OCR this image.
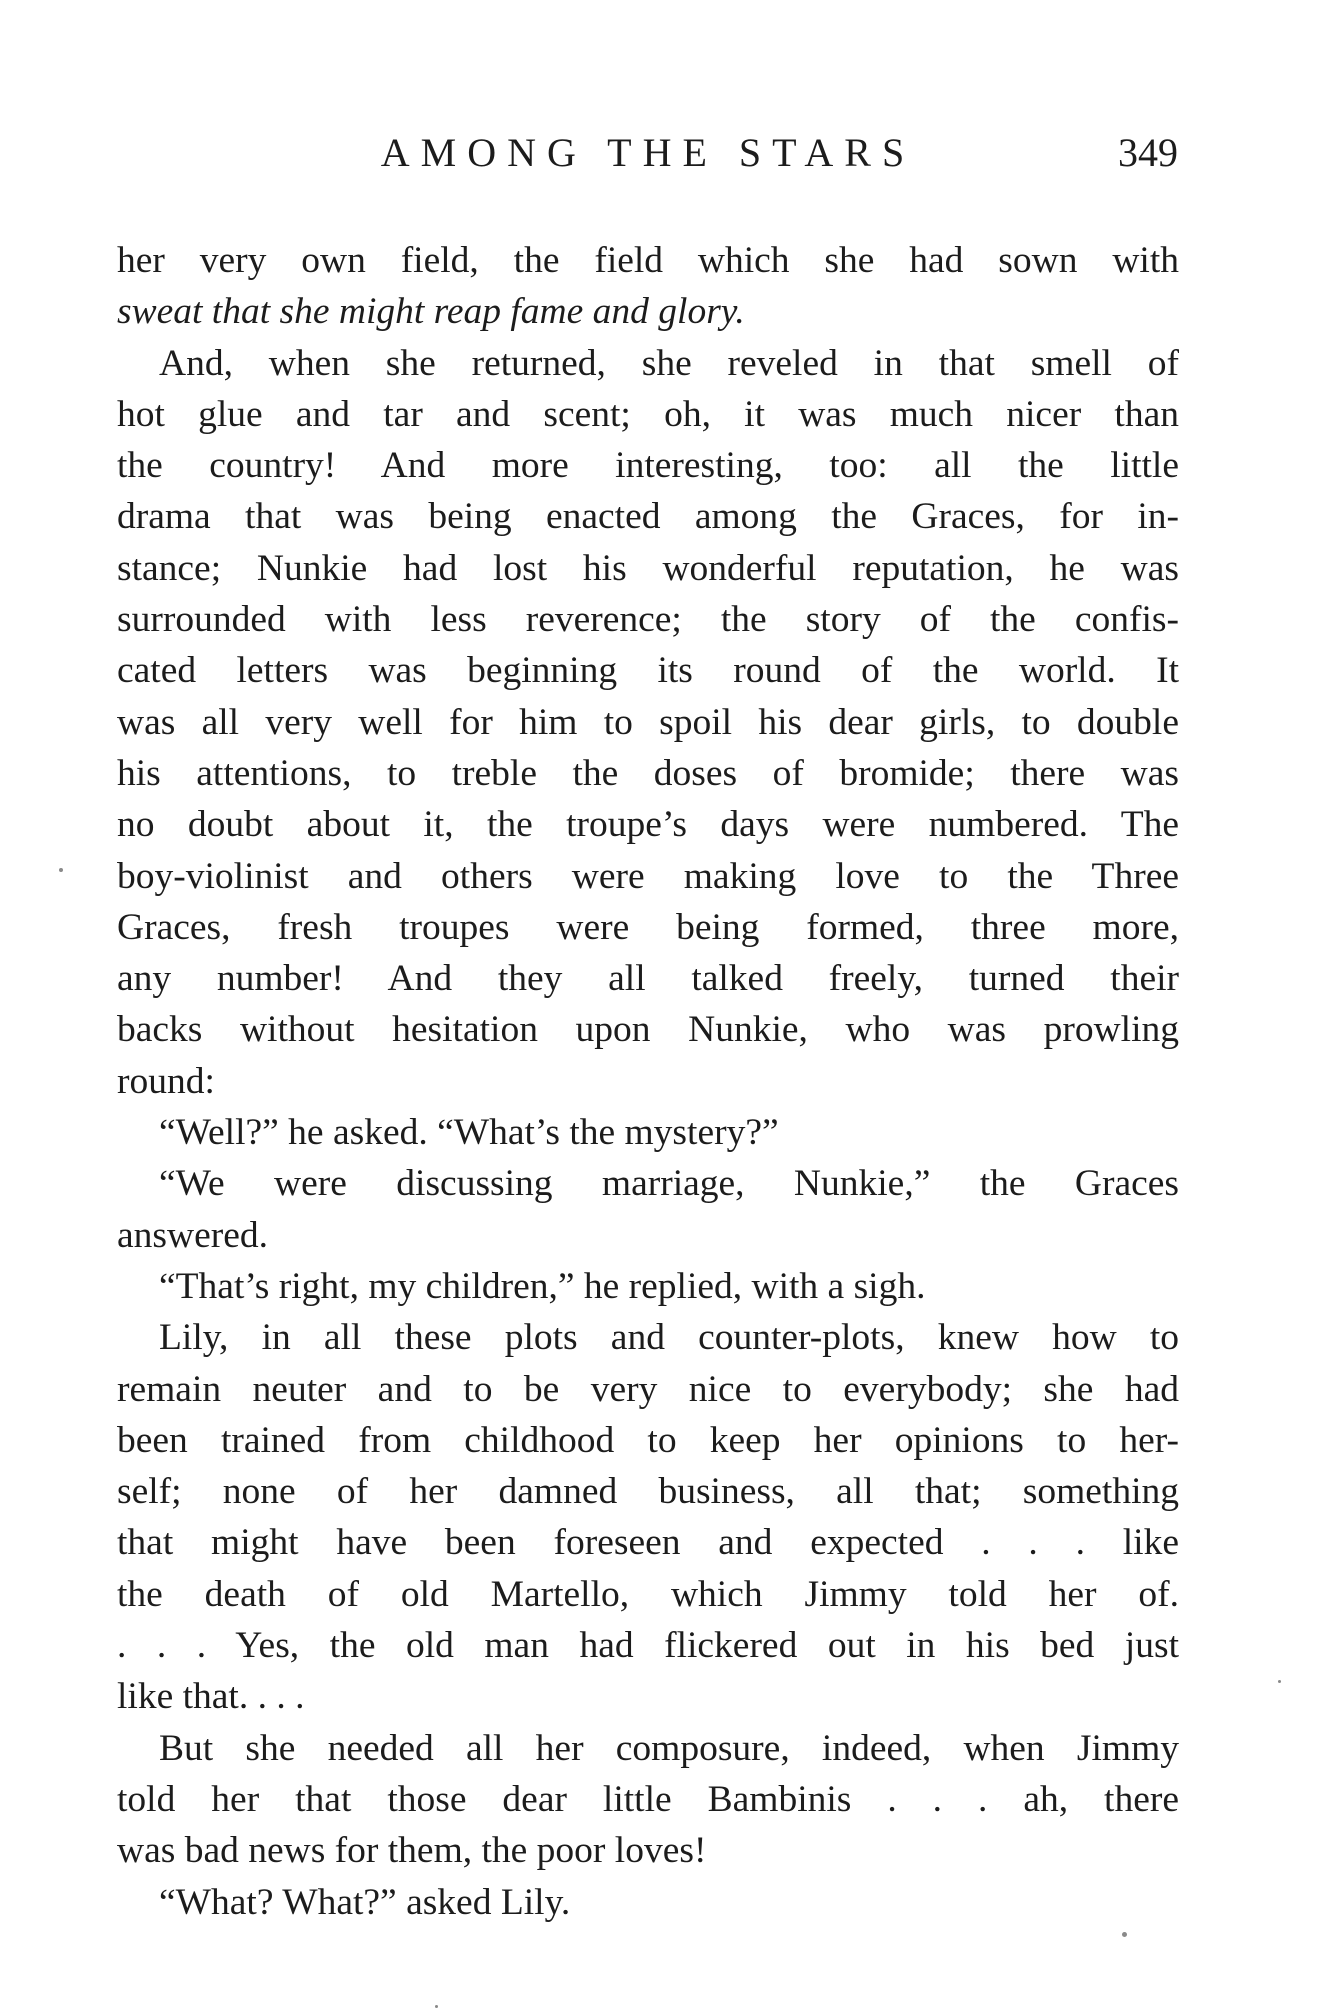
AMONG THE STARS	349
her very own field, the field which she had sown with
sweat that she might reap fame and glory.
And, when she returned, she reveled in that smell of
hot glue and tar and scent; oh, it was much nicer than
the country! And more interesting, too: all the little
drama that was being enacted among the Graces, for in-
stance; Nunkie had lost his wonderful reputation, he was
surrounded with less reverence; the story of the confis-
cated letters was beginning its round of the world. It
was all very well for him to spoil his dear girls, to double
his attentions, to treble the doses of bromide; there was
no doubt about it, the troupe’s days were numbered. The
boy-violinist and others were making love to the Three
Graces, fresh troupes were being formed, three more,
any number! And they all talked freely, turned their
backs without hesitation upon Nunkie, who was prowling
round:
“Well?” he asked. “What’s the mystery?”
“We were discussing marriage, Nunkie,” the Graces
answered.
“That’s right, my children,” he replied, with a sigh.
Lily, in all these plots and counter-plots, knew how to
remain neuter and to be very nice to everybody; she had
been trained from childhood to keep her opinions to her-
self; none of her damned business, all that; something
that might have been foreseen and expected . . . like
the death of old Martello, which Jimmy told her of.
. . . Yes, the old man had flickered out in his bed just
like that. . . .
But she needed all her composure, indeed, when Jimmy
told her that those dear little Bambinis . . . ah, there
was bad news for them, the poor loves!
“What? What?” asked Lily.
